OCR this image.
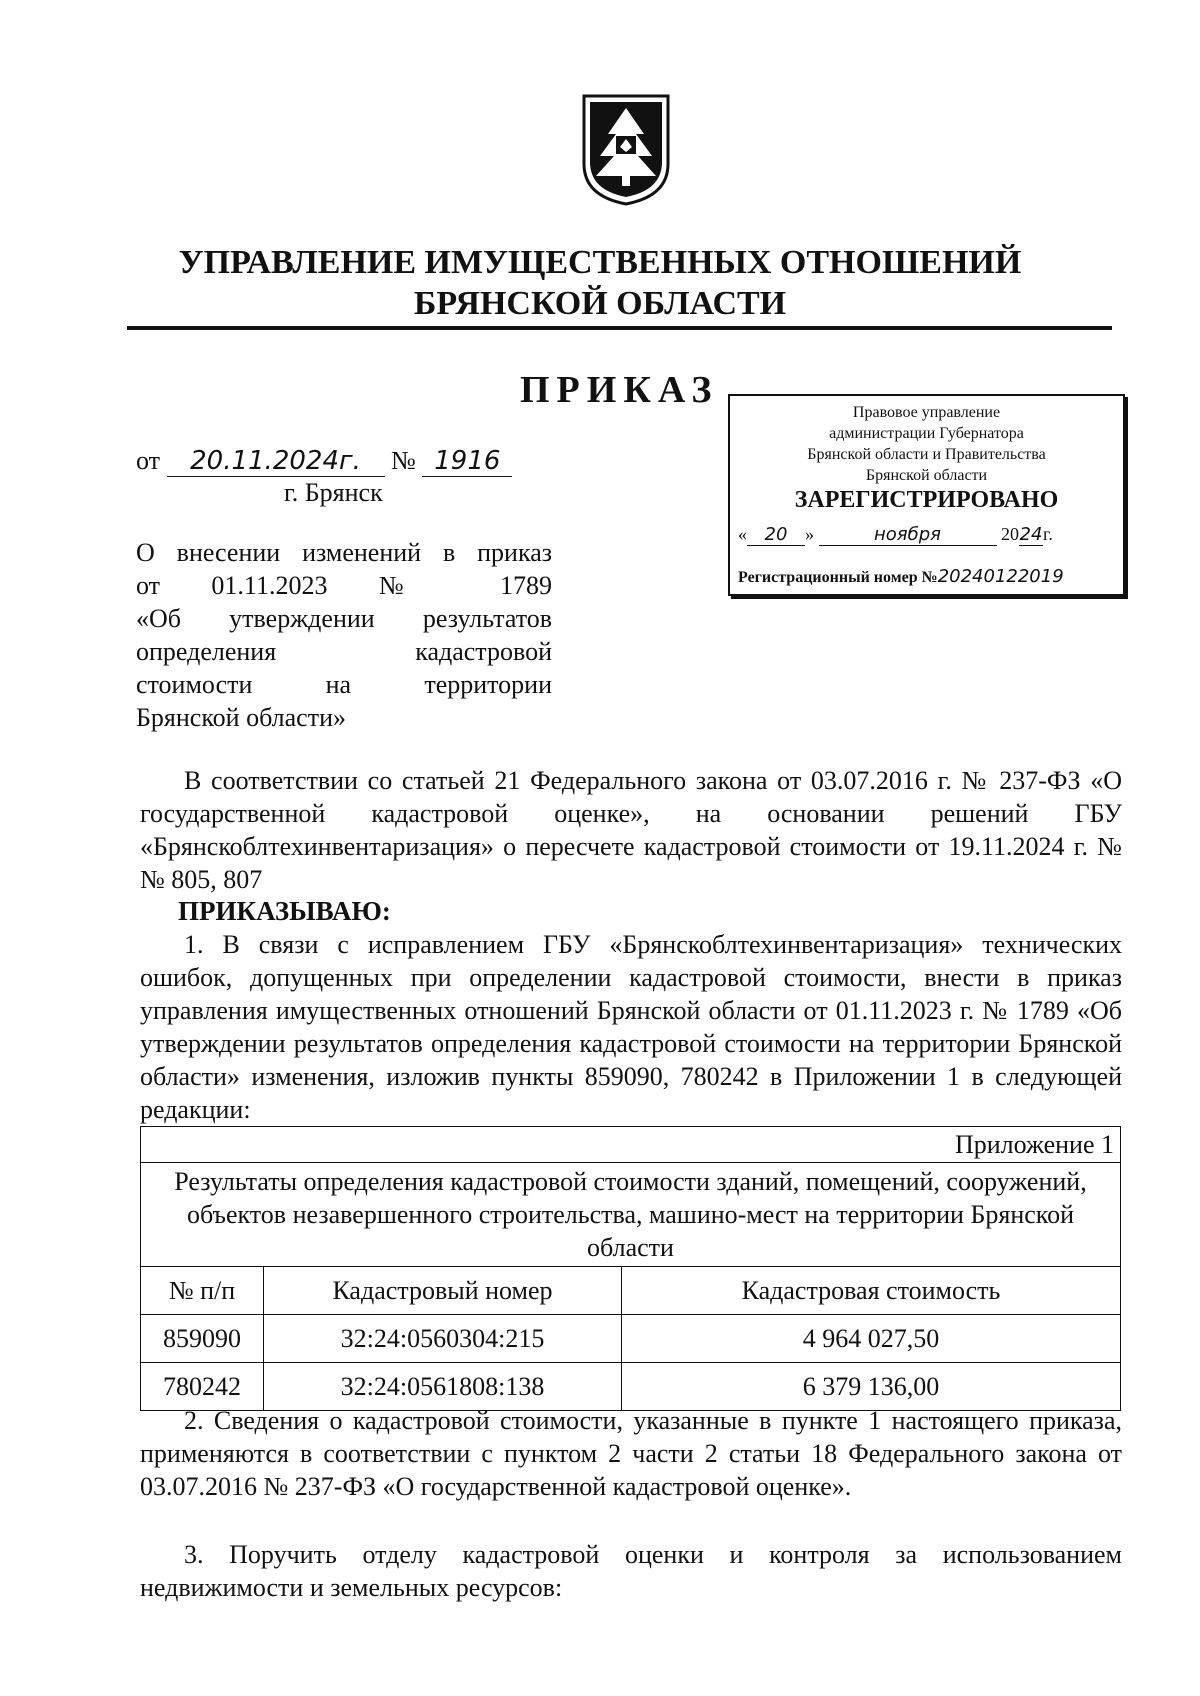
УПРАВЛЕНИЕ ИМУЩЕСТВЕННЫХ ОТНОШЕНИЙ
БРЯНСКОЙ ОБЛАСТИ
ПРИКАЗ
Правовое управление
администрации Губернатора
Брянской области и Правительства
Брянской области
ЗАРЕГИСТРИРОВАНО
« 20 »	ноября	2024г.
Регистрационный номер №20240122019
от 20.11.2024г. № 1916
г. Брянск

О внесении изменений в приказ

от 01.11.2023 № 1789

«Об утверждении результатов

определения кадастровой

стоимости на территории

Брянской области»

В соответствии со статьей 21 Федерального закона от 03.07.2016 г. № 237-ФЗ «О государственной кадастровой оценке», на основании решений ГБУ «Брянскоблтехинвентаризация» о пересчете кадастровой стоимости от 19.11.2024 г. №№ 805, 807

ПРИКАЗЫВАЮ:

1. В связи с исправлением ГБУ «Брянскоблтехинвентаризация» технических ошибок, допущенных при определении кадастровой стоимости, внести в приказ управления имущественных отношений Брянской области от 01.11.2023 г. № 1789 «Об утверждении результатов определения кадастровой стоимости на территории Брянской области» изменения, изложив пункты 859090, 780242 в Приложении 1 в следующей редакции:

Приложение 1		
Результаты определения кадастровой стоимости зданий, помещений, сооружений, объектов незавершенного строительства, машино-мест на территории Брянской области		
№ п/п	Кадастровый номер	Кадастровая стоимость
859090	32:24:0560304:215	4 964 027,50
780242	32:24:0561808:138	6 379 136,00

2. Сведения о кадастровой стоимости, указанные в пункте 1 настоящего приказа, применяются в соответствии с пунктом 2 части 2 статьи 18 Федерального закона от 03.07.2016 № 237-ФЗ «О государственной кадастровой оценке».

3. Поручить отделу кадастровой оценки и контроля за использованием недвижимости и земельных ресурсов:
